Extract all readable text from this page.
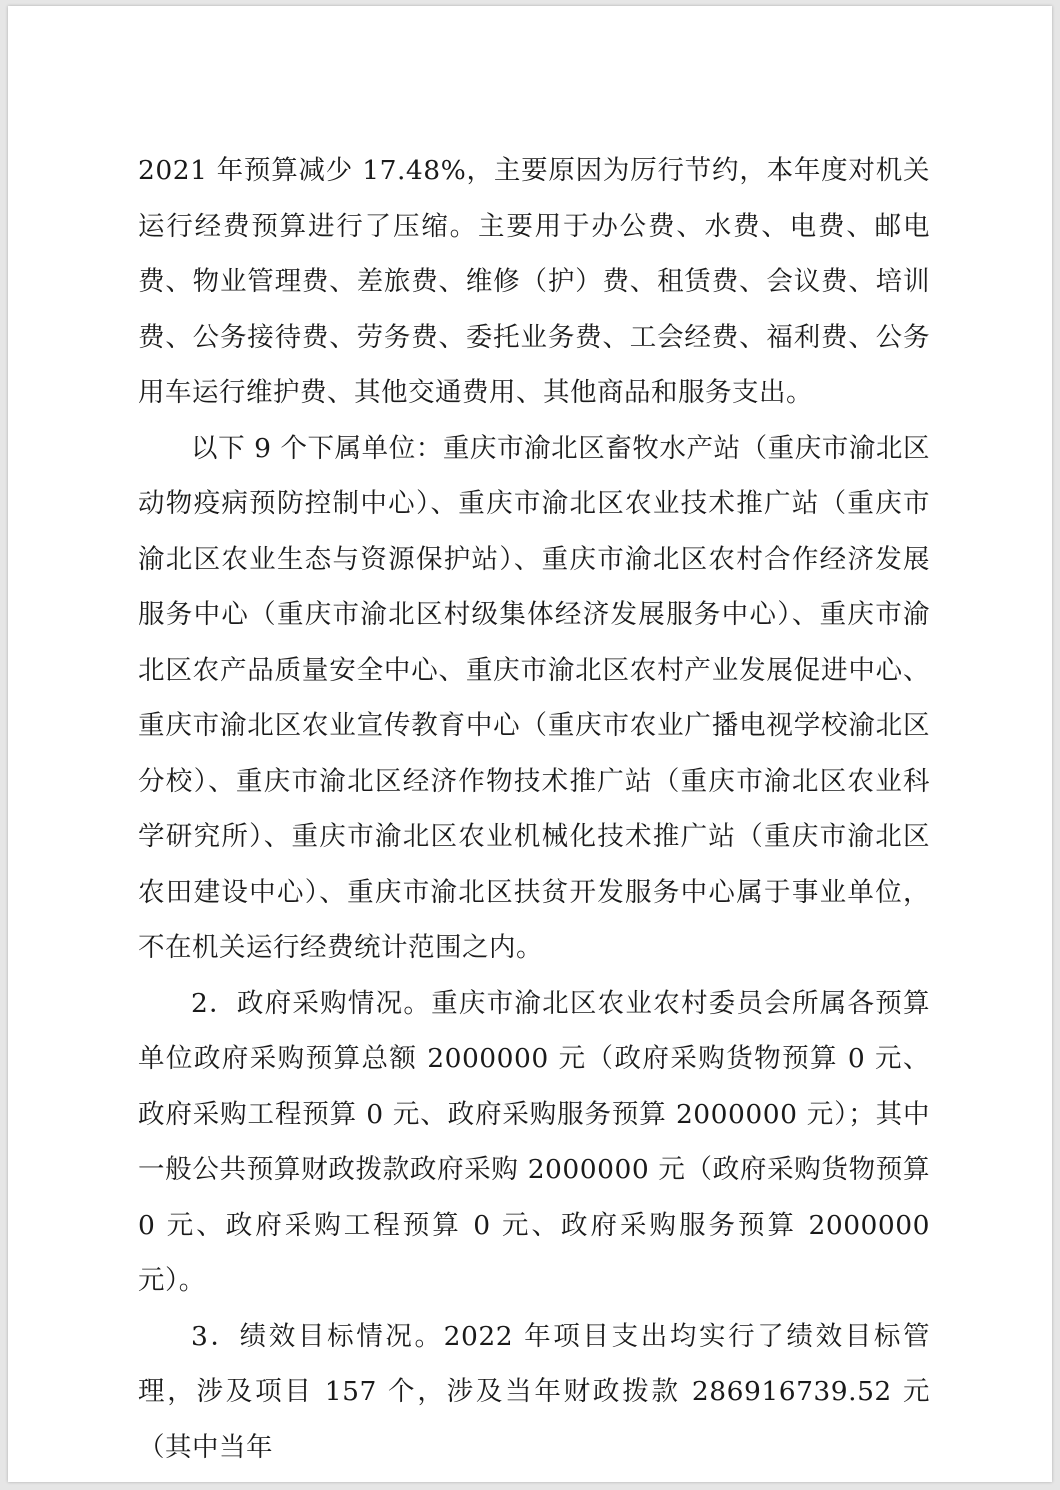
2021 年预算减少 17.48%，主要原因为厉行节约，本年度对机关运行经费预算进行了压缩。主要用于办公费、水费、电费、邮电费、物业管理费、差旅费、维修（护）费、租赁费、会议费、培训费、公务接待费、劳务费、委托业务费、工会经费、福利费、公务用车运行维护费、其他交通费用、其他商品和服务支出。

以下 9 个下属单位：重庆市渝北区畜牧水产站（重庆市渝北区动物疫病预防控制中心）、重庆市渝北区农业技术推广站（重庆市渝北区农业生态与资源保护站）、重庆市渝北区农村合作经济发展服务中心（重庆市渝北区村级集体经济发展服务中心）、重庆市渝北区农产品质量安全中心、重庆市渝北区农村产业发展促进中心、重庆市渝北区农业宣传教育中心（重庆市农业广播电视学校渝北区分校）、重庆市渝北区经济作物技术推广站（重庆市渝北区农业科学研究所）、重庆市渝北区农业机械化技术推广站（重庆市渝北区农田建设中心）、重庆市渝北区扶贫开发服务中心属于事业单位，不在机关运行经费统计范围之内。

2．政府采购情况。重庆市渝北区农业农村委员会所属各预算单位政府采购预算总额 2000000 元（政府采购货物预算 0 元、政府采购工程预算 0 元、政府采购服务预算 2000000 元）；其中一般公共预算财政拨款政府采购 2000000 元（政府采购货物预算 0 元、政府采购工程预算 0 元、政府采购服务预算 2000000 元）。

3．绩效目标情况。2022 年项目支出均实行了绩效目标管理，涉及项目 157 个，涉及当年财政拨款 286916739.52 元（其中当年
